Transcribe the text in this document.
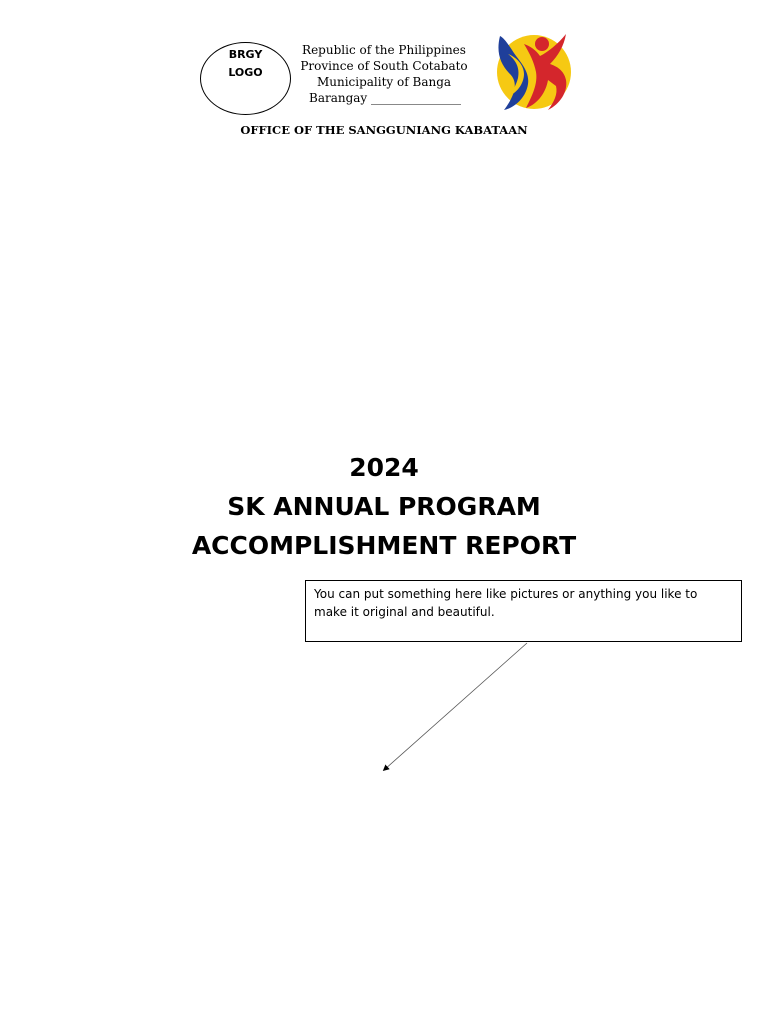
BRGY
LOGO
Republic of the Philippines
Province of South Cotabato
Municipality of Banga
Barangay _______________
OFFICE OF THE SANGGUNIANG KABATAAN
2024
SK ANNUAL PROGRAM
ACCOMPLISHMENT REPORT
You can put something here like pictures or anything you like to make it original and beautiful.
